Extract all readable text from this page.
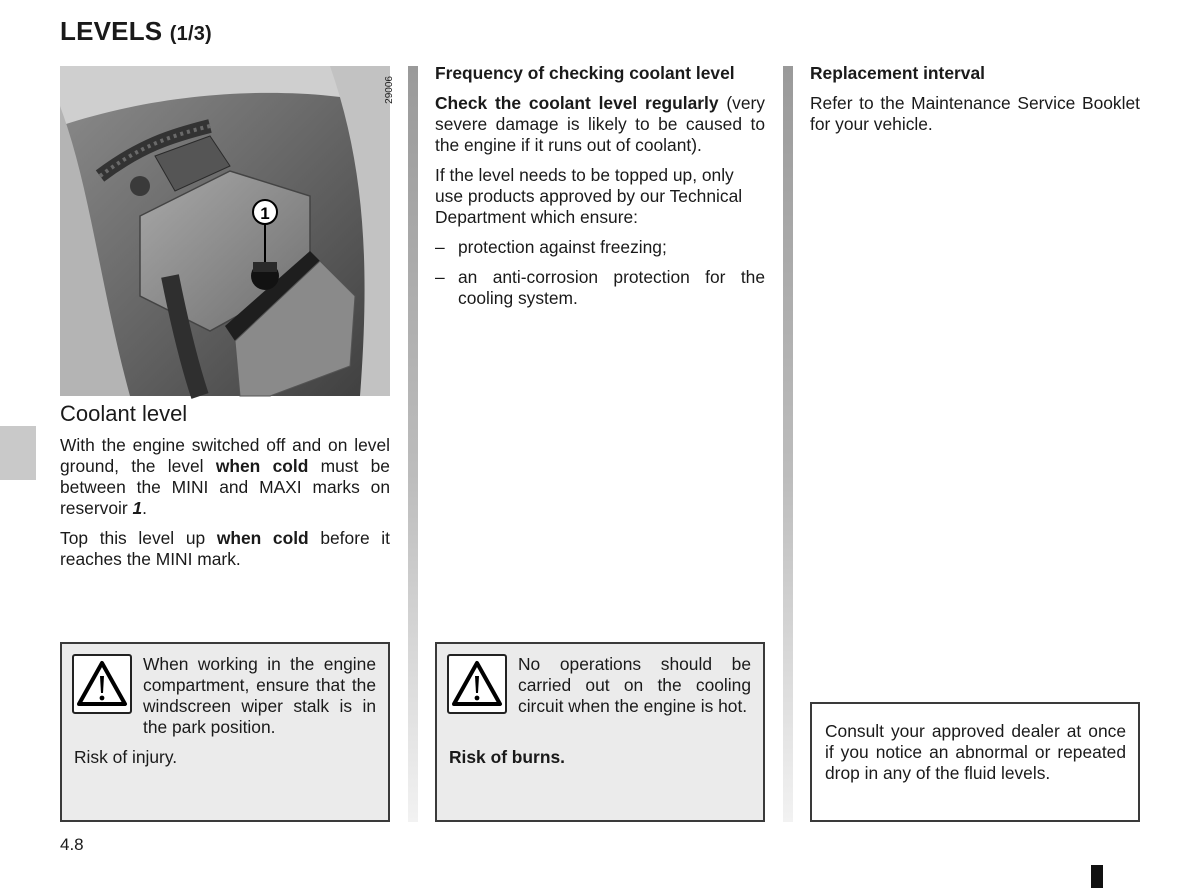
LEVELS (1/3)
1
29006
Coolant level

With the engine switched off and on level ground, the level when cold must be between the MINI and MAXI marks on reservoir 1.

Top this level up when cold before it reaches the MINI mark.

When working in the engine compartment, ensure that the windscreen wiper stalk is in the park position.

Risk of injury.

Frequency of checking coolant level

Check the coolant level regularly (very severe damage is likely to be caused to the engine if it runs out of coolant).

If the level needs to be topped up, only use products approved by our Technical Department which ensure:

– protection against freezing;
– an anti-corrosion protection for the cooling system.

No operations should be carried out on the cooling circuit when the engine is hot.

Risk of burns.

Replacement interval

Refer to the Maintenance Service Booklet for your vehicle.

Consult your approved dealer at once if you notice an abnormal or repeated drop in any of the fluid levels.

4.8
